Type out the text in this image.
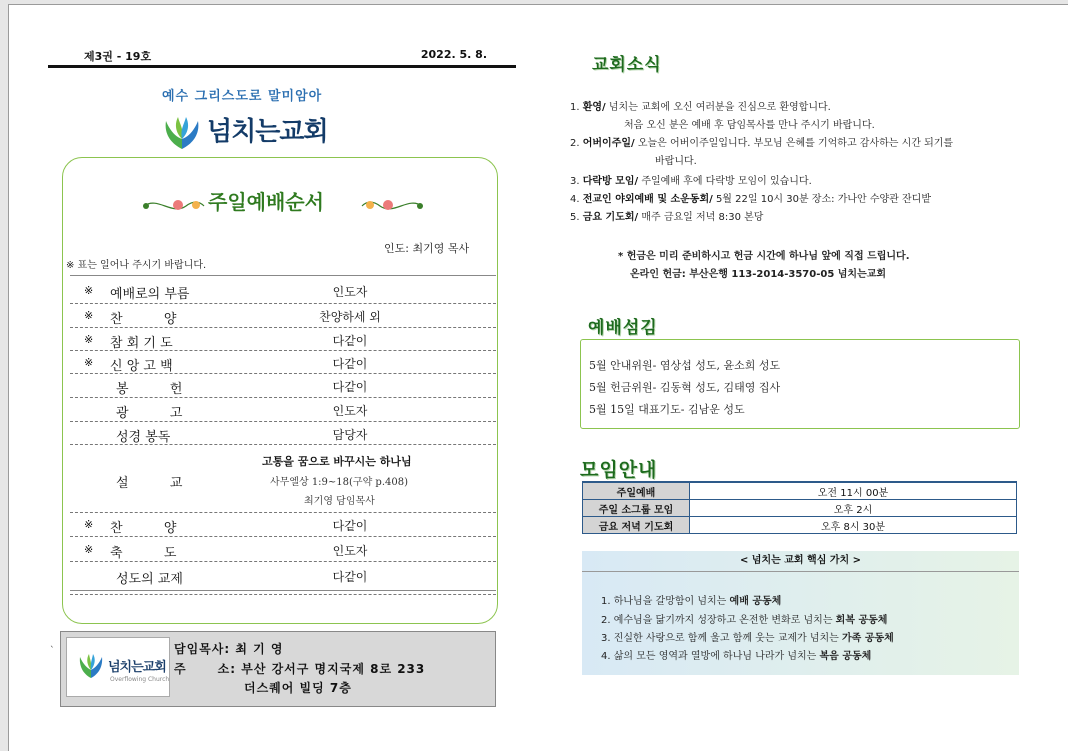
제3권 - 19호	2022. 5. 8.
예수 그리스도로 말미암아
넘치는교회
주일예배순서
인도: 최기영 목사
※ 표는 일어나 주시기 바랍니다.
※ 예배로의 부름	인도자
※ 찬          양	찬양하세 외
※ 참 회 기 도	다같이
※ 신 앙 고 백	다같이
봉          헌	다같이
광          고	인도자
성경 봉독	담당자
설          교
고통을 꿈으로 바꾸시는 하나님
사무엘상 1:9~18(구약 p.408)
최기영 담임목사
※ 찬          양	다같이
※ 축          도	인도자
성도의 교제	다같이
`
넘치는교회
Overflowing Church
담임목사: 최 기 영
주      소: 부산 강서구 명지국제 8로 233
더스퀘어 빌딩 7층
교회소식
1. 환영/ 넘치는 교회에 오신 여러분을 진심으로 환영합니다.
처음 오신 분은 예배 후 담임목사를 만나 주시기 바랍니다.
2. 어버이주일/ 오늘은 어버이주일입니다. 부모님 은혜를 기억하고 감사하는 시간 되기를
바랍니다.
3. 다락방 모임/ 주일예배 후에 다락방 모임이 있습니다.
4. 전교인 야외예배 및 소운동회/ 5월 22일 10시 30분 장소: 가나안 수양관 잔디밭
5. 금요 기도회/ 매주 금요일 저녁 8:30 본당
* 헌금은 미리 준비하시고 헌금 시간에 하나님 앞에 직접 드립니다.
온라인 헌금: 부산은행 113-2014-3570-05 넘치는교회
예배섬김
5월 안내위원- 염상섭 성도, 윤소희 성도
5월 헌금위원- 김동혁 성도, 김태영 집사
5월 15일 대표기도- 김남운 성도
모임안내
주일예배	오전 11시 00분
주일 소그룹 모임	오후 2시
금요 저녁 기도회	오후 8시 30분
< 넘치는 교회 핵심 가치 >
1. 하나님을 갈망함이 넘치는 예배 공동체
2. 예수님을 닮기까지 성장하고 온전한 변화로 넘치는 회복 공동체
3. 진실한 사랑으로 함께 울고 함께 웃는 교제가 넘치는 가족 공동체
4. 삶의 모든 영역과 열방에 하나님 나라가 넘치는 복음 공동체
